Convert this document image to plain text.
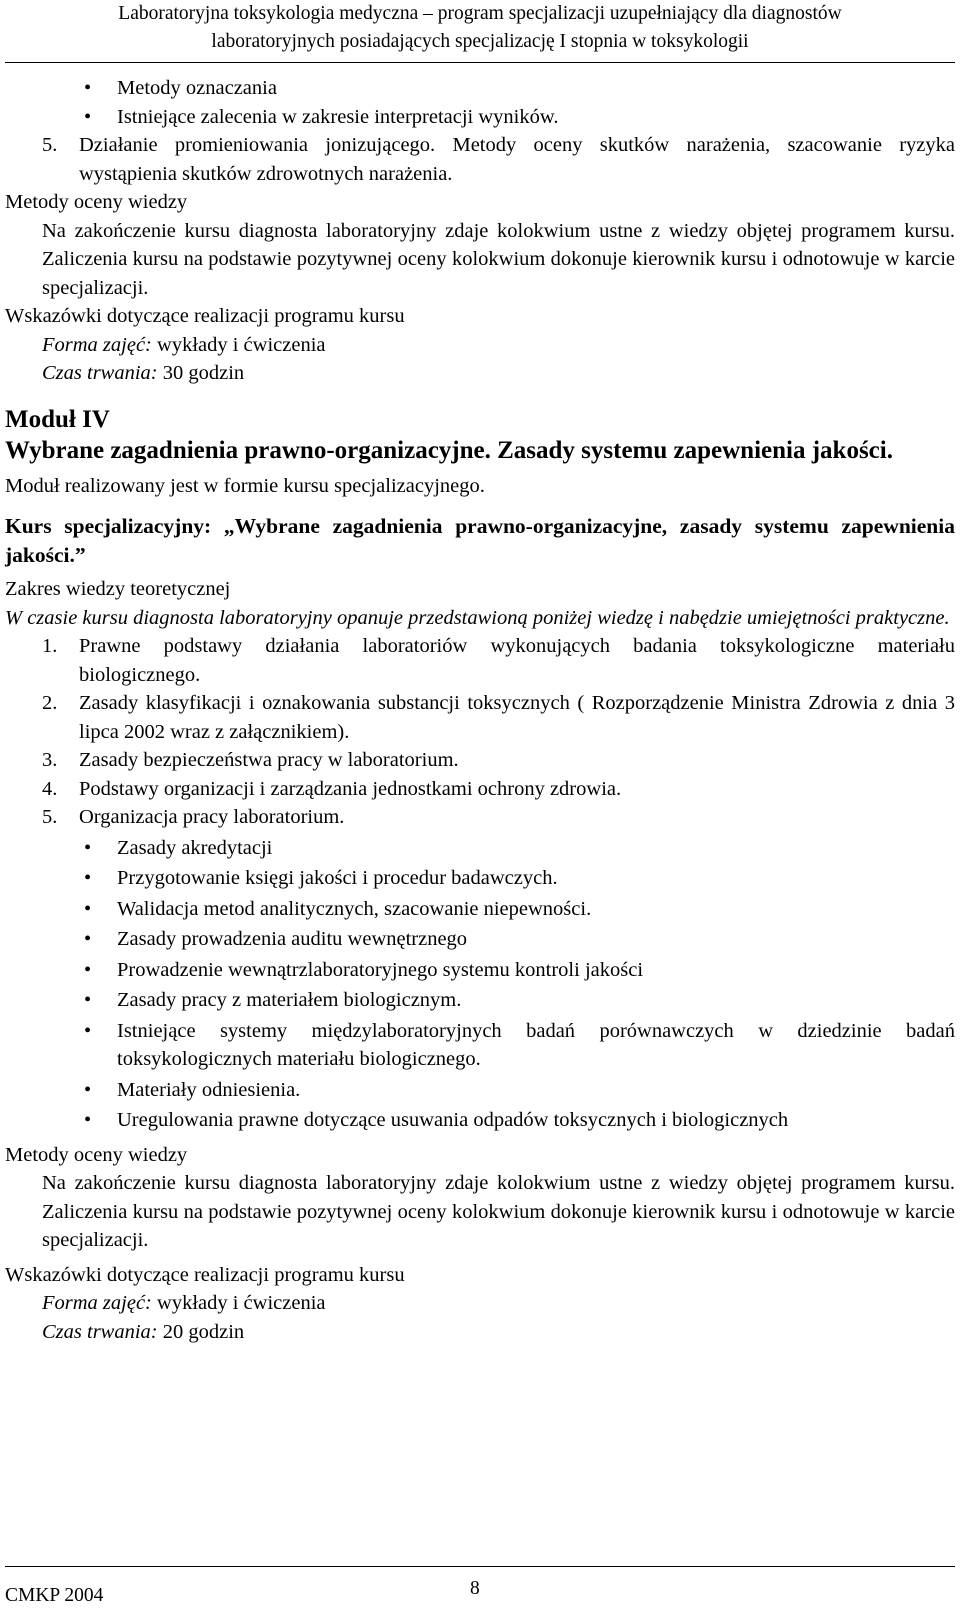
Laboratoryjna toksykologia medyczna – program specjalizacji uzupełniający dla diagnostów
laboratoryjnych posiadających specjalizację I stopnia w toksykologii
• Metody oznaczania
• Istniejące zalecenia w zakresie interpretacji wyników.
5. Działanie promieniowania jonizującego. Metody oceny skutków narażenia, szacowanie ryzyka wystąpienia skutków zdrowotnych narażenia.

Metody oceny wiedzy

Na zakończenie kursu diagnosta laboratoryjny zdaje kolokwium ustne z wiedzy objętej programem kursu. Zaliczenia kursu na podstawie pozytywnej oceny kolokwium dokonuje kierownik kursu i odnotowuje w karcie specjalizacji.

Wskazówki dotyczące realizacji programu kursu

Forma zajęć: wykłady i ćwiczenia

Czas trwania: 30 godzin

Moduł IV

Wybrane zagadnienia prawno-organizacyjne. Zasady systemu zapewnienia jakości.

Moduł realizowany jest w formie kursu specjalizacyjnego.

Kurs specjalizacyjny: „Wybrane zagadnienia prawno-organizacyjne, zasady systemu zapewnienia jakości.”

Zakres wiedzy teoretycznej

W czasie kursu diagnosta laboratoryjny opanuje przedstawioną poniżej wiedzę i nabędzie umiejętności praktyczne.

1. Prawne podstawy działania laboratoriów wykonujących badania toksykologiczne materiału biologicznego.
2. Zasady klasyfikacji i oznakowania substancji toksycznych ( Rozporządzenie Ministra Zdrowia z dnia 3 lipca 2002 wraz z załącznikiem).
3. Zasady bezpieczeństwa pracy w laboratorium.
4. Podstawy organizacji i zarządzania jednostkami ochrony zdrowia.
5. Organizacja pracy laboratorium.
• Zasady akredytacji
• Przygotowanie księgi jakości i procedur badawczych.
• Walidacja metod analitycznych, szacowanie niepewności.
• Zasady prowadzenia auditu wewnętrznego
• Prowadzenie wewnątrzlaboratoryjnego systemu kontroli jakości
• Zasady pracy z materiałem biologicznym.
• Istniejące systemy międzylaboratoryjnych badań porównawczych w dziedzinie badań toksykologicznych materiału biologicznego.
• Materiały odniesienia.
• Uregulowania prawne dotyczące usuwania odpadów toksycznych i biologicznych

Metody oceny wiedzy

Na zakończenie kursu diagnosta laboratoryjny zdaje kolokwium ustne z wiedzy objętej programem kursu. Zaliczenia kursu na podstawie pozytywnej oceny kolokwium dokonuje kierownik kursu i odnotowuje w karcie specjalizacji.

Wskazówki dotyczące realizacji programu kursu

Forma zajęć: wykłady i ćwiczenia

Czas trwania: 20 godzin

CMKP 2004	8
